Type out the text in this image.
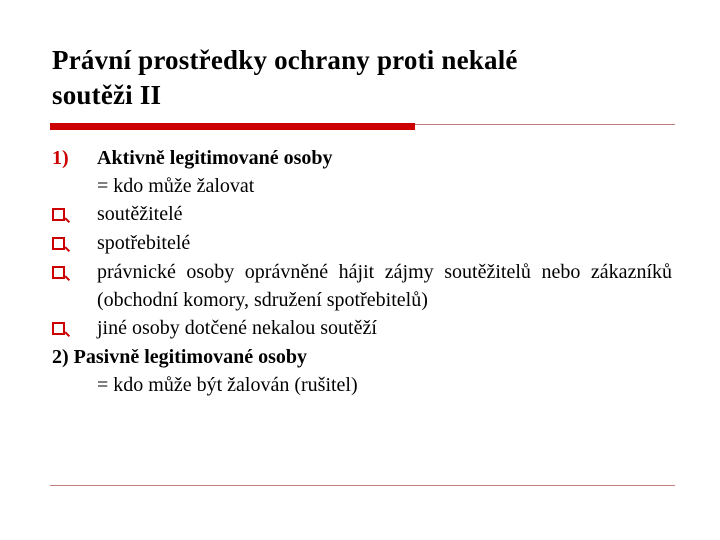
Právní prostředky ochrany proti nekalé
soutěži II
1)	Aktivně legitimované osoby
= kdo může žalovat
soutěžitelé
spotřebitelé
právnické osoby oprávněné hájit zájmy soutěžitelů nebo zákazníků (obchodní komory, sdružení spotřebitelů)
jiné osoby dotčené nekalou soutěží
2) Pasivně legitimované osoby
= kdo může být žalován (rušitel)
